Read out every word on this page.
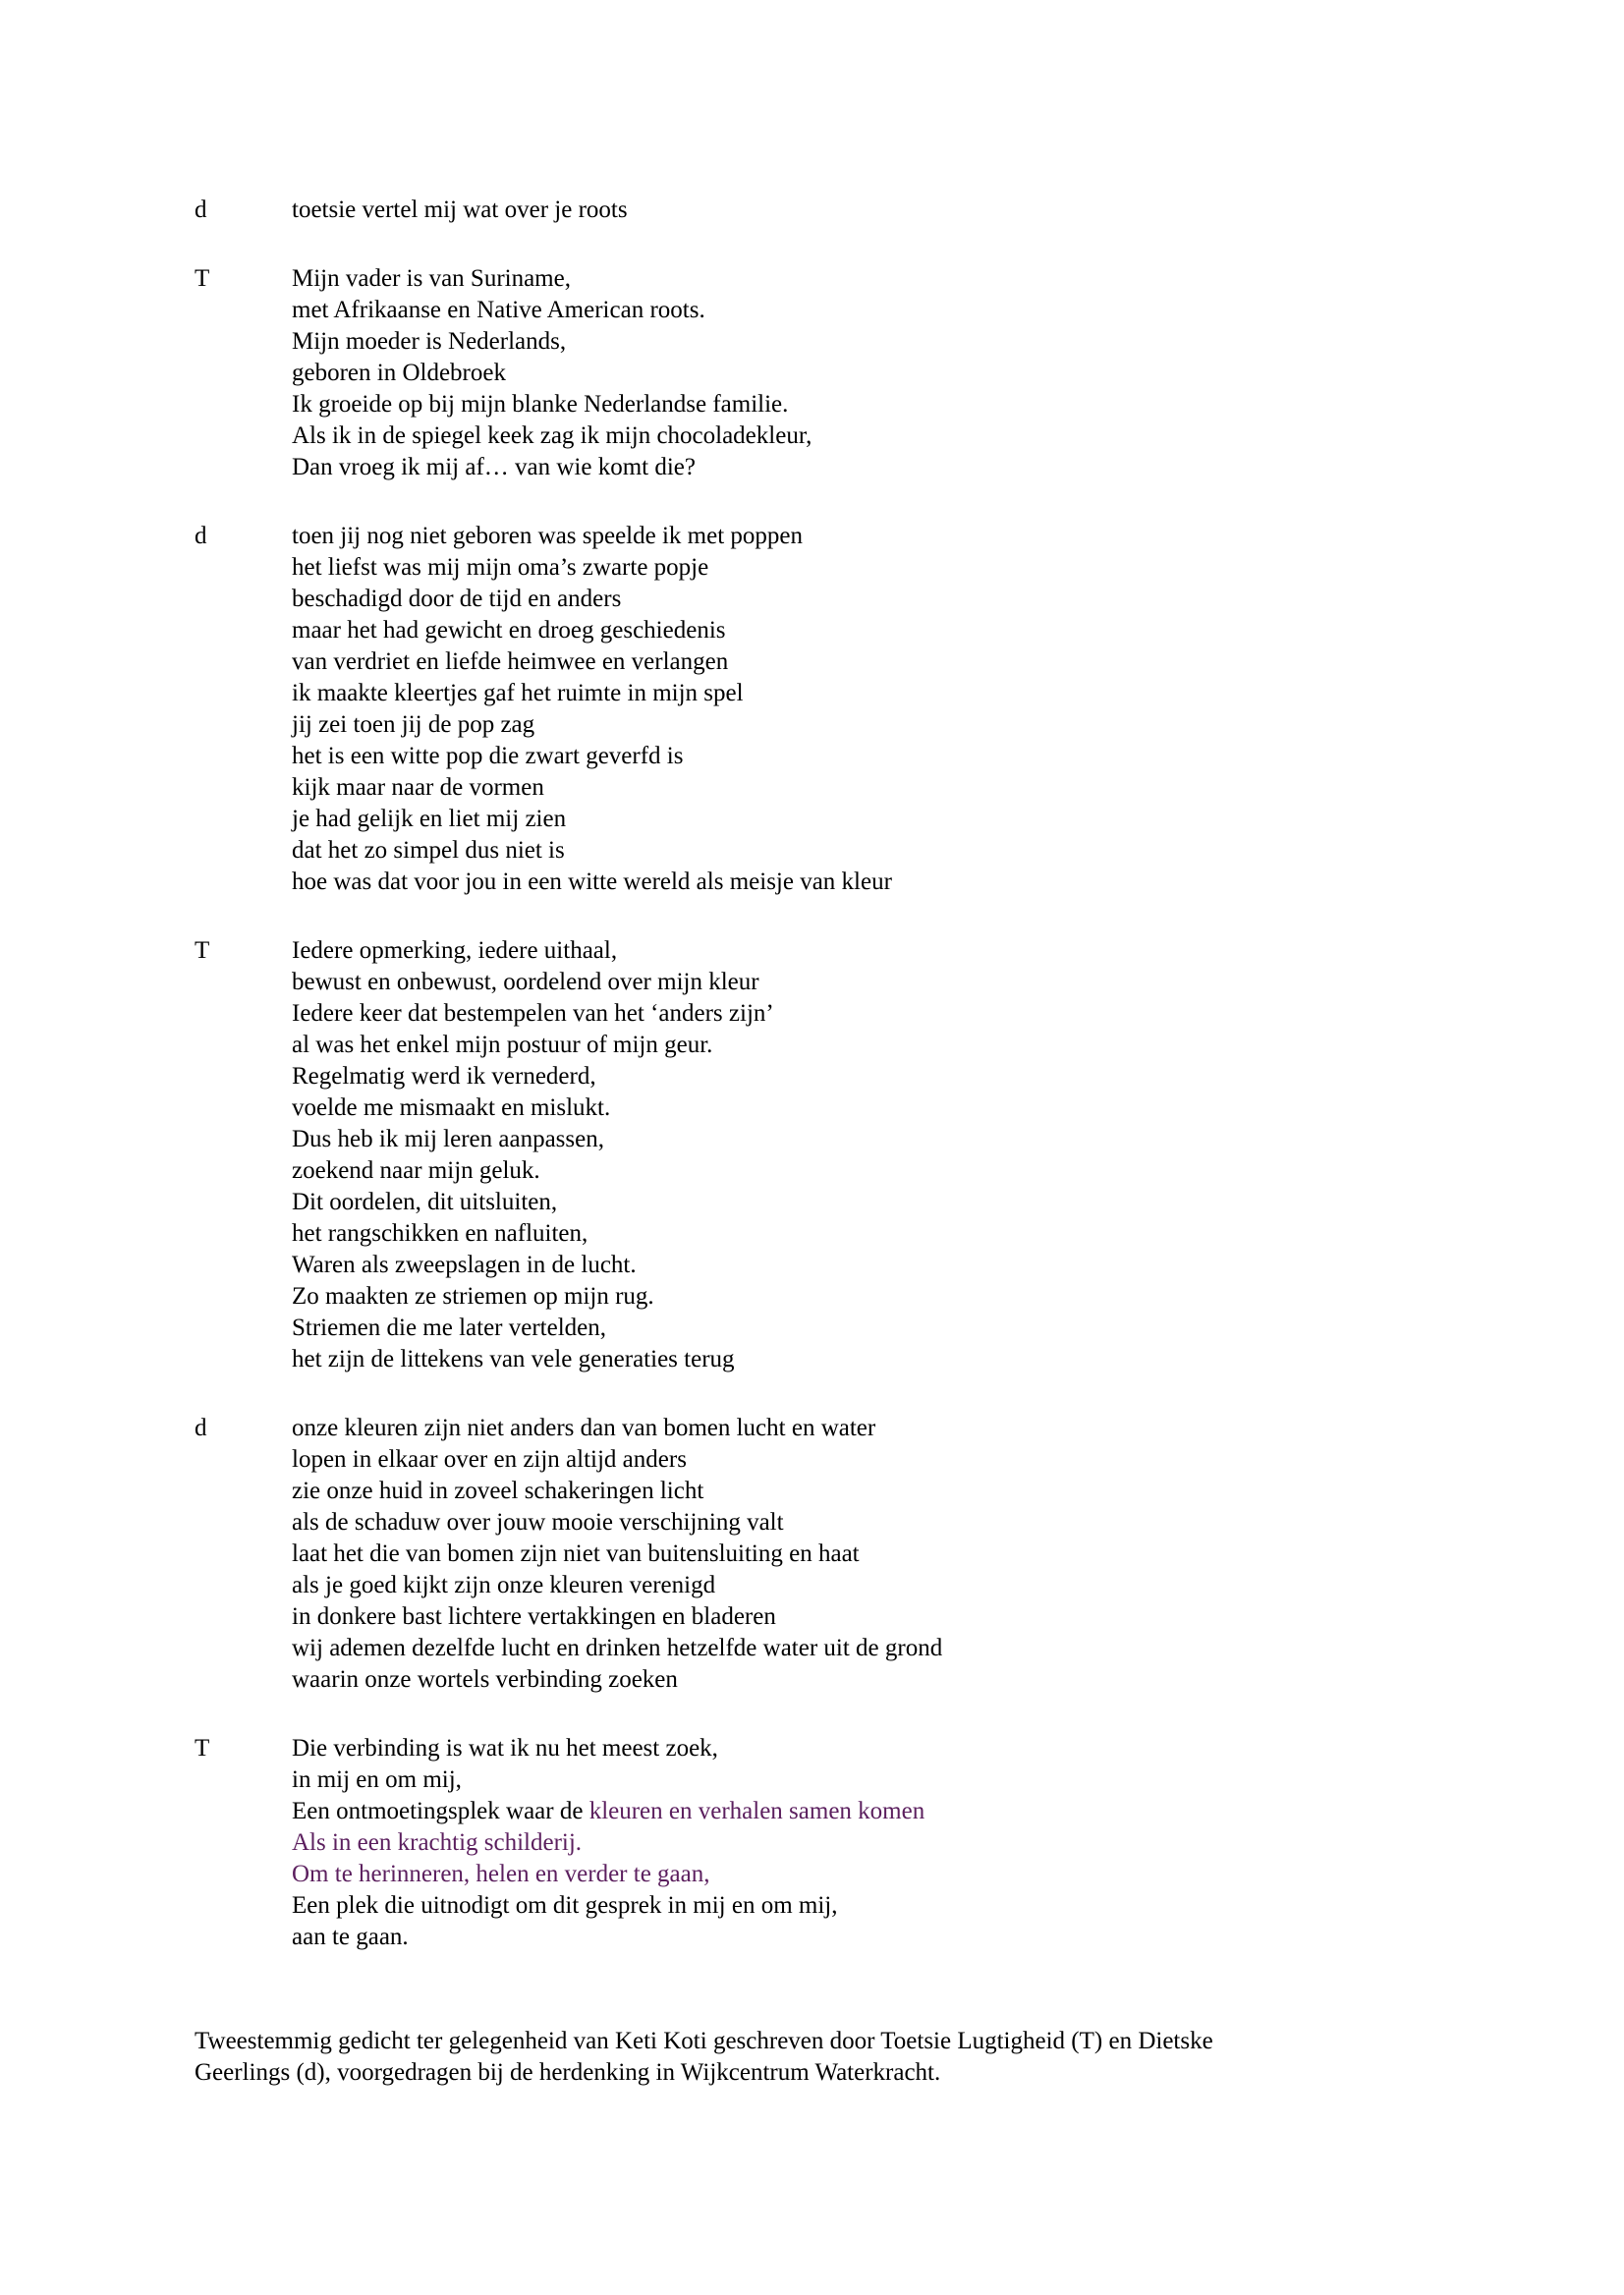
d	toetsie vertel mij wat over je roots
T	Mijn vader is van Suriname,
met Afrikaanse en Native American roots.
Mijn moeder is Nederlands,
geboren in Oldebroek
Ik groeide op bij mijn blanke Nederlandse familie.
Als ik in de spiegel keek zag ik mijn chocoladekleur,
Dan vroeg ik mij af… van wie komt die?
d	toen jij nog niet geboren was speelde ik met poppen
het liefst was mij mijn oma’s zwarte popje
beschadigd door de tijd en anders
maar het had gewicht en droeg geschiedenis
van verdriet en liefde heimwee en verlangen
ik maakte kleertjes gaf het ruimte in mijn spel
jij zei toen jij de pop zag
het is een witte pop die zwart geverfd is
kijk maar naar de vormen
je had gelijk en liet mij zien
dat het zo simpel dus niet is
hoe was dat voor jou in een witte wereld als meisje van kleur
T	Iedere opmerking, iedere uithaal,
bewust en onbewust, oordelend over mijn kleur
Iedere keer dat bestempelen van het ‘anders zijn’
al was het enkel mijn postuur of mijn geur.
Regelmatig werd ik vernederd,
voelde me mismaakt en mislukt.
Dus heb ik mij leren aanpassen,
zoekend naar mijn geluk.
Dit oordelen, dit uitsluiten,
het rangschikken en nafluiten,
Waren als zweepslagen in de lucht.
Zo maakten ze striemen op mijn rug.
Striemen die me later vertelden,
het zijn de littekens van vele generaties terug
d	onze kleuren zijn niet anders dan van bomen lucht en water
lopen in elkaar over en zijn altijd anders
zie onze huid in zoveel schakeringen licht
als de schaduw over jouw mooie verschijning valt
laat het die van bomen zijn niet van buitensluiting en haat
als je goed kijkt zijn onze kleuren verenigd
in donkere bast lichtere vertakkingen en bladeren
wij ademen dezelfde lucht en drinken hetzelfde water uit de grond
waarin onze wortels verbinding zoeken
T	Die verbinding is wat ik nu het meest zoek,
in mij en om mij,
Een ontmoetingsplek waar de kleuren en verhalen samen komen
Als in een krachtig schilderij.
Om te herinneren, helen en verder te gaan,
Een plek die uitnodigt om dit gesprek in mij en om mij,
aan te gaan.
Tweestemmig gedicht ter gelegenheid van Keti Koti geschreven door Toetsie Lugtigheid (T) en Dietske
Geerlings (d), voorgedragen bij de herdenking in Wijkcentrum Waterkracht.
